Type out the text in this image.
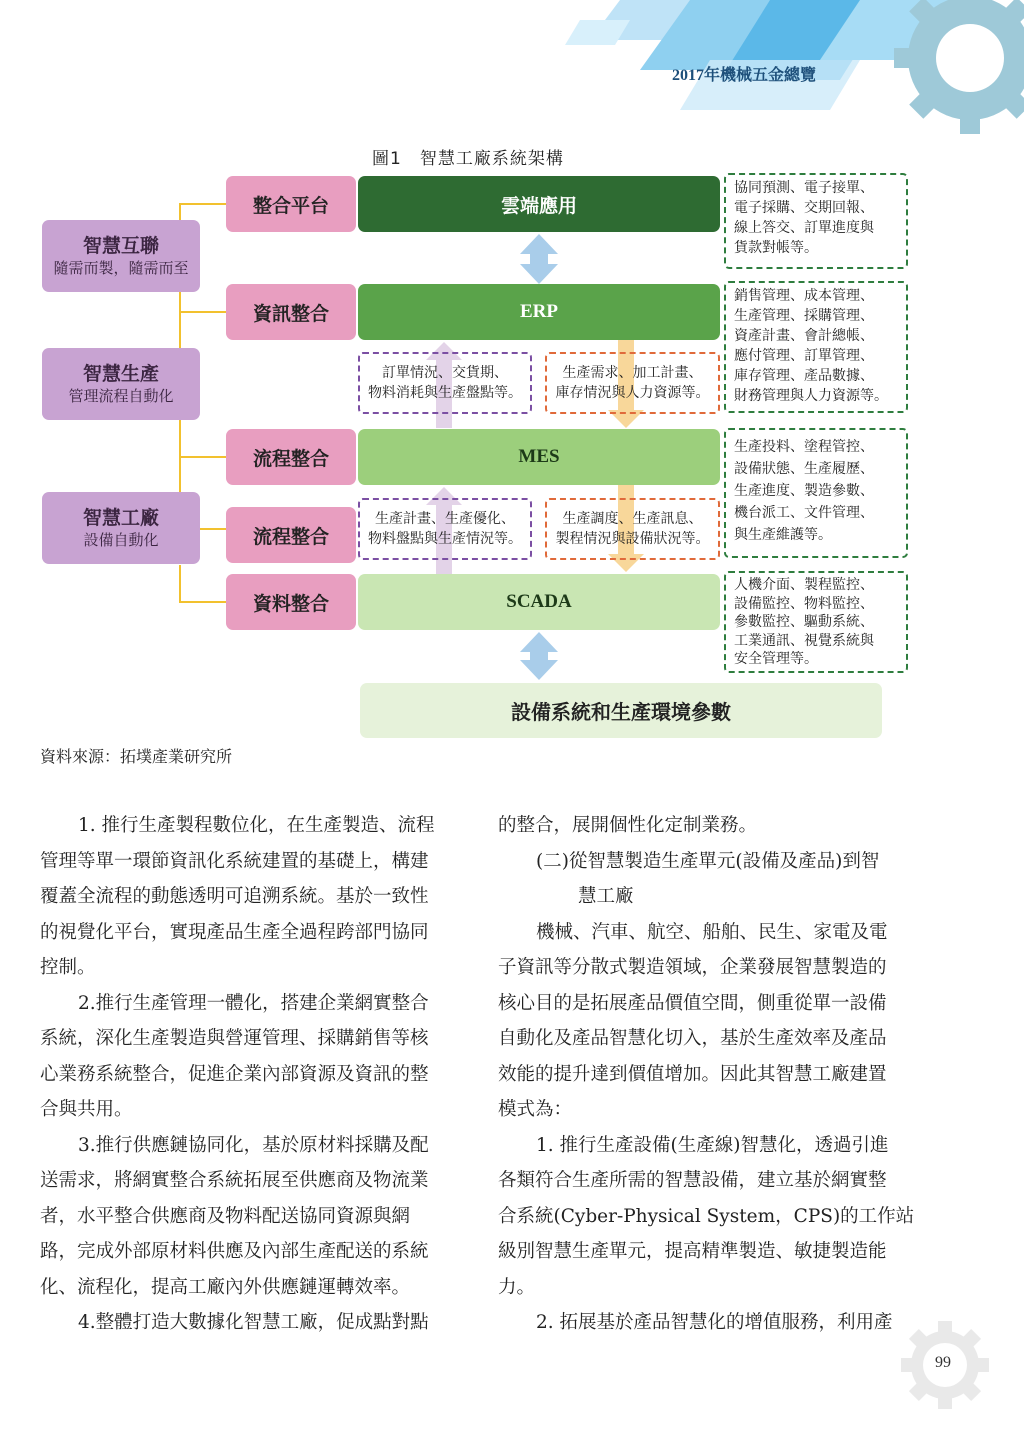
2017年機械五金總覽
圖1　智慧工廠系統架構
智慧互聯
隨需而製，隨需而至
智慧生產
管理流程自動化
智慧工廠
設備自動化
整合平台
資訊整合
流程整合
流程整合
資料整合
雲端應用
ERP
MES
SCADA
訂單情況、交貨期、
物料消耗與生產盤點等。
生產需求、加工計畫、
庫存情況與人力資源等。
生產計畫、生產優化、
物料盤點與生產情況等。
生產調度、生產訊息、
製程情況與設備狀況等。
協同預測、電子接單、
電子採購、交期回報、
線上答交、訂單進度與
貨款對帳等。
銷售管理、成本管理、
生產管理、採購管理、
資產計畫、會計總帳、
應付管理、訂單管理、
庫存管理、產品數據、
財務管理與人力資源等。
生產投料、塗程管控、
設備狀態、生產履歷、
生產進度、製造參數、
機台派工、文件管理、
與生產維護等。
人機介面、製程監控、
設備監控、物料監控、
參數監控、驅動系統、
工業通訊、視覺系統與
安全管理等。
設備系統和生產環境參數
資料來源：拓墣產業研究所

1. 推行生產製程數位化，在生產製造、流程

管理等單一環節資訊化系統建置的基礎上，構建

覆蓋全流程的動態透明可追溯系統。基於一致性

的視覺化平台，實現產品生產全過程跨部門協同

控制。

2.推行生產管理一體化，搭建企業網實整合

系統，深化生產製造與營運管理、採購銷售等核

心業務系統整合，促進企業內部資源及資訊的整

合與共用。

3.推行供應鏈協同化，基於原材料採購及配

送需求，將網實整合系統拓展至供應商及物流業

者，水平整合供應商及物料配送協同資源與網

路，完成外部原材料供應及內部生產配送的系統

化、流程化，提高工廠內外供應鏈運轉效率。

4.整體打造大數據化智慧工廠，促成點對點

的整合，展開個性化定制業務。

(二)從智慧製造生產單元(設備及產品)到智

慧工廠

機械、汽車、航空、船舶、民生、家電及電

子資訊等分散式製造領域，企業發展智慧製造的

核心目的是拓展產品價值空間，側重從單一設備

自動化及產品智慧化切入，基於生產效率及產品

效能的提升達到價值增加。因此其智慧工廠建置

模式為：

1. 推行生產設備(生產線)智慧化，透過引進

各類符合生產所需的智慧設備，建立基於網實整

合系統(Cyber-Physical System，CPS)的工作站

級別智慧生產單元，提高精準製造、敏捷製造能

力。

2. 拓展基於產品智慧化的增值服務，利用產

99
